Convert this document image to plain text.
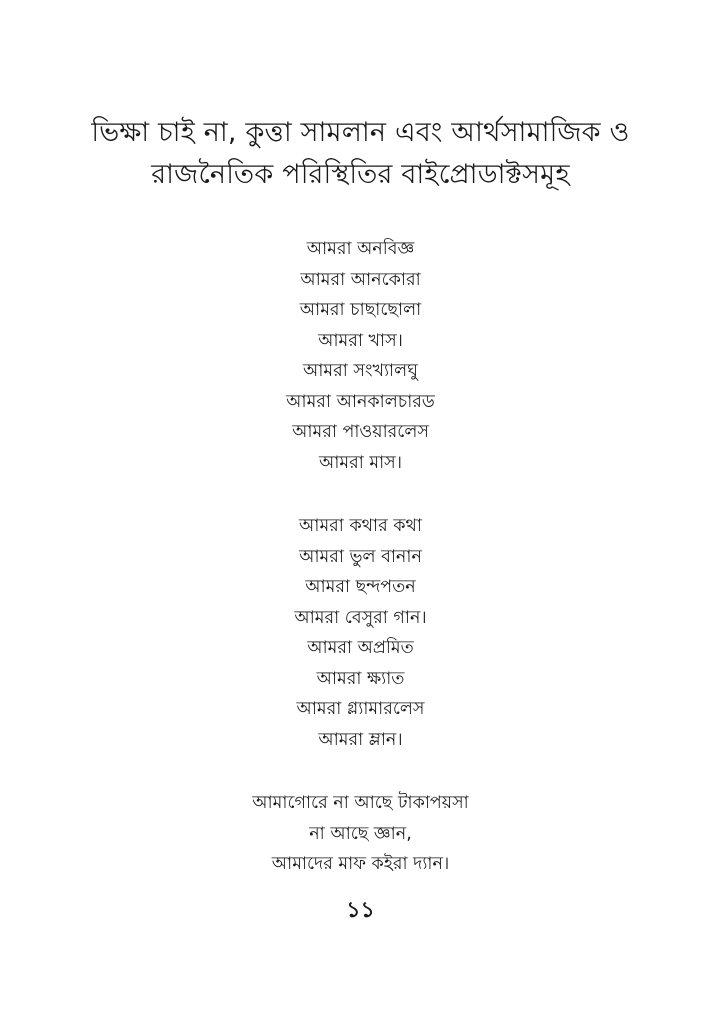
ভিক্ষা চাই না, কুত্তা সামলান এবং আর্থসামাজিক ও
রাজনৈতিক পরিস্থিতির বাইপ্রোডাক্টসমূহ
আমরা অনবিজ্ঞ
আমরা আনকোরা
আমরা চাছাছোলা
আমরা খাস।
আমরা সংখ্যালঘু
আমরা আনকালচারড
আমরা পাওয়ারলেস
আমরা মাস।
আমরা কথার কথা
আমরা ভুল বানান
আমরা ছন্দপতন
আমরা বেসুরা গান।
আমরা অপ্রমিত
আমরা ক্ষ্যাত
আমরা গ্ল্যামারলেস
আমরা ম্লান।
আমাগোরে না আছে টাকাপয়সা
না আছে জ্ঞান,
আমাদের মাফ কইরা দ্যান।
১১
